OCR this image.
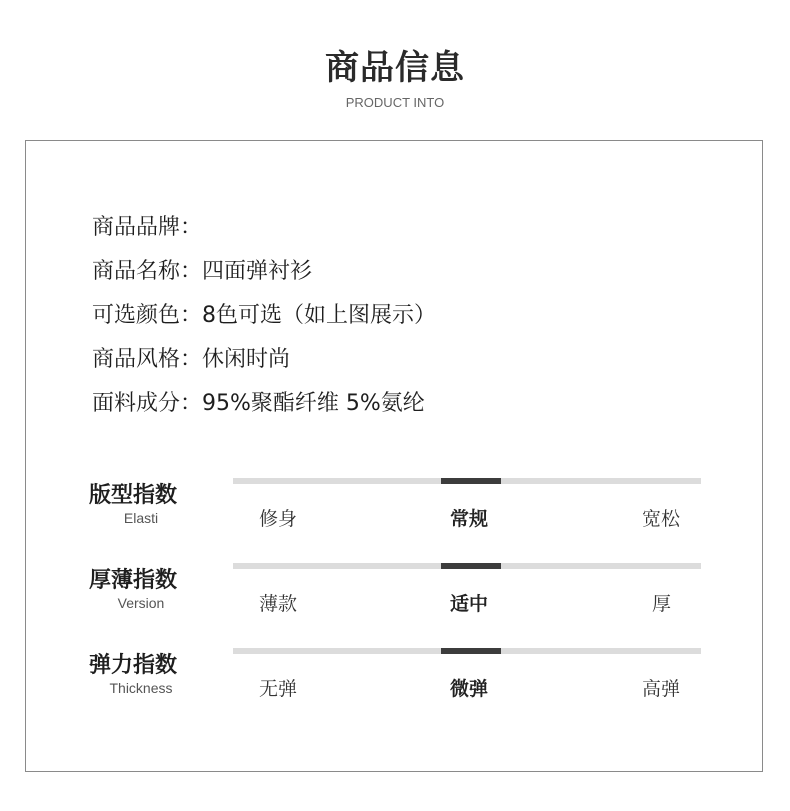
商品信息
PRODUCT INTO
商品品牌：
商品名称：四面弹衬衫
可选颜色：8色可选（如上图展示）
商品风格：休闲时尚
面料成分：95%聚酯纤维 5%氨纶
版型指数
Elasti	修身	常规	宽松
厚薄指数
Version	薄款	适中	厚
弹力指数
Thickness	无弹	微弹	高弹
